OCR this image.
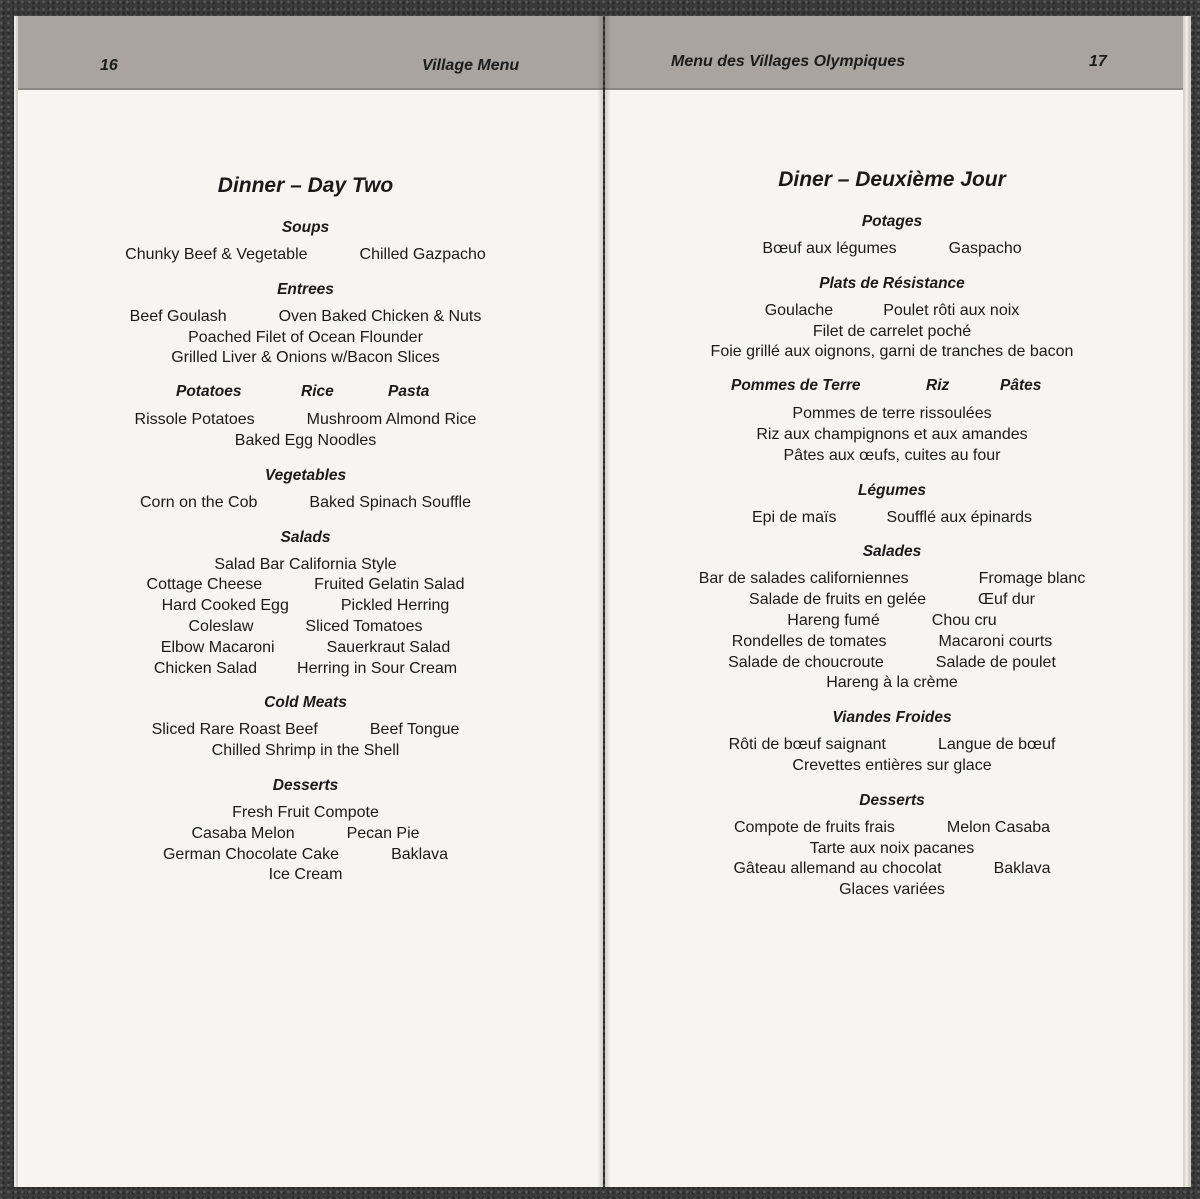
16	Village Menu
Dinner – Day Two
Soups
Chunky Beef & Vegetable	Chilled Gazpacho
Entrees
Beef Goulash	Oven Baked Chicken & Nuts
Poached Filet of Ocean Flounder
Grilled Liver & Onions w/Bacon Slices
Potatoes	Rice	Pasta
Rissole Potatoes	Mushroom Almond Rice
Baked Egg Noodles
Vegetables
Corn on the Cob	Baked Spinach Souffle
Salads
Salad Bar California Style
Cottage Cheese	Fruited Gelatin Salad
Hard Cooked Egg	Pickled Herring
Coleslaw	Sliced Tomatoes
Elbow Macaroni	Sauerkraut Salad
Chicken Salad	Herring in Sour Cream
Cold Meats
Sliced Rare Roast Beef	Beef Tongue
Chilled Shrimp in the Shell
Desserts
Fresh Fruit Compote
Casaba Melon	Pecan Pie
German Chocolate Cake	Baklava
Ice Cream
Menu des Villages Olympiques	17
Diner – Deuxième Jour
Potages
Bœuf aux légumes	Gaspacho
Plats de Résistance
Goulache	Poulet rôti aux noix
Filet de carrelet poché
Foie grillé aux oignons, garni de tranches de bacon
Pommes de Terre	Riz	Pâtes
Pommes de terre rissoulées
Riz aux champignons et aux amandes
Pâtes aux œufs, cuites au four
Légumes
Epi de maïs	Soufflé aux épinards
Salades
Bar de salades californiennes	Fromage blanc
Salade de fruits en gelée	Œuf dur
Hareng fumé	Chou cru
Rondelles de tomates	Macaroni courts
Salade de choucroute	Salade de poulet
Hareng à la crème
Viandes Froides
Rôti de bœuf saignant	Langue de bœuf
Crevettes entières sur glace
Desserts
Compote de fruits frais	Melon Casaba
Tarte aux noix pacanes
Gâteau allemand au chocolat	Baklava
Glaces variées
